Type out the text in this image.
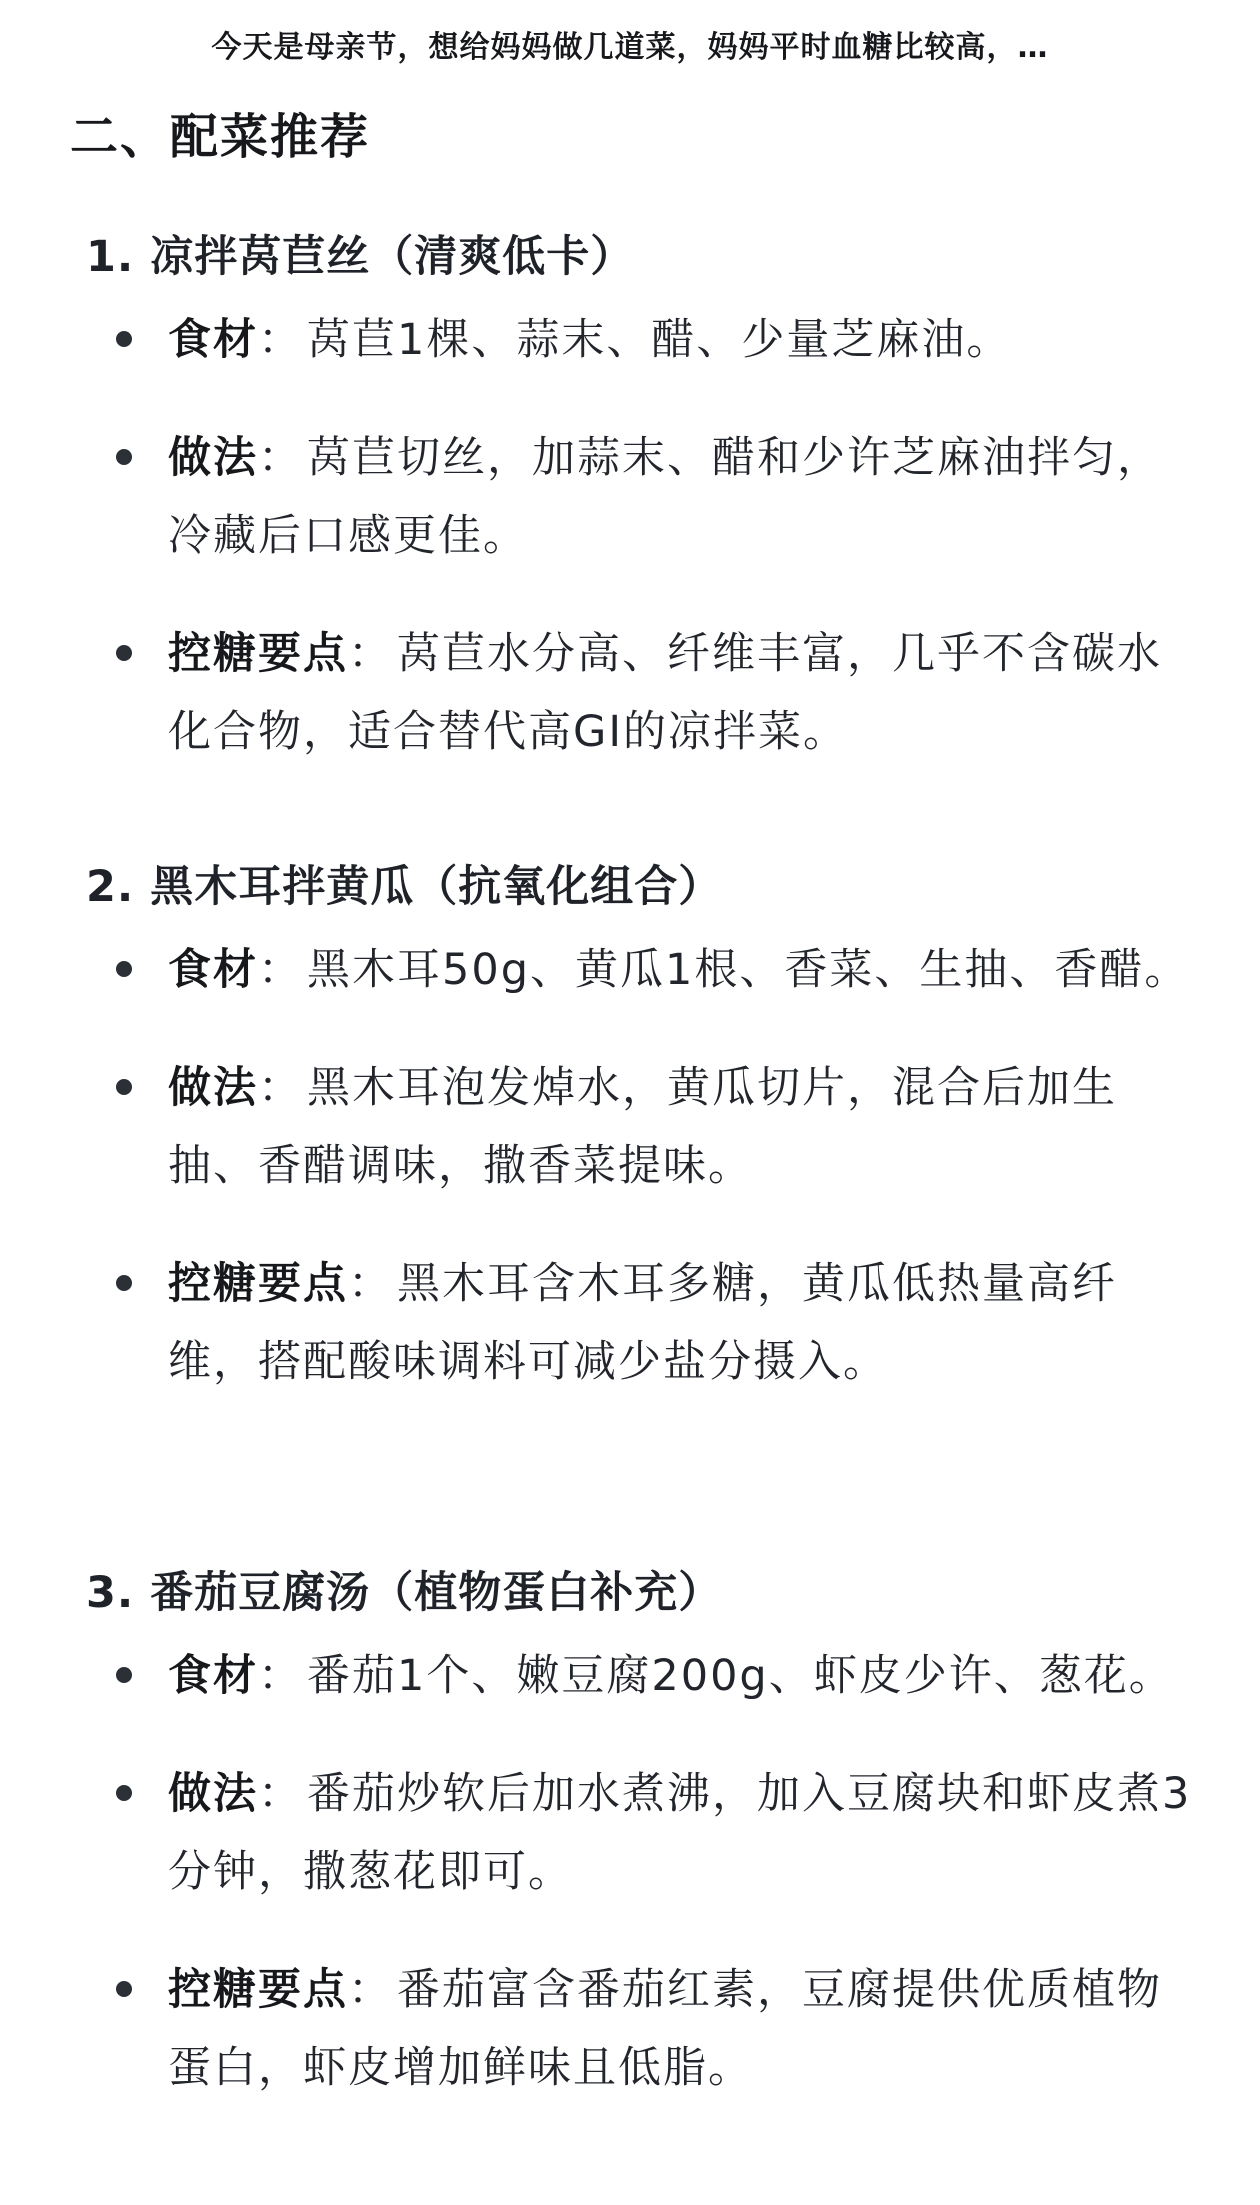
今天是母亲节，想给妈妈做几道菜，妈妈平时血糖比较高，…
二、配菜推荐
1. 凉拌莴苣丝（清爽低卡）
食材：莴苣1棵、蒜末、醋、少量芝麻油。
做法：莴苣切丝，加蒜末、醋和少许芝麻油拌匀，冷藏后口感更佳。
控糖要点：莴苣水分高、纤维丰富，几乎不含碳水化合物，适合替代高GI的凉拌菜。
2. 黑木耳拌黄瓜（抗氧化组合）
食材：黑木耳50g、黄瓜1根、香菜、生抽、香醋。
做法：黑木耳泡发焯水，黄瓜切片，混合后加生抽、香醋调味，撒香菜提味。
控糖要点：黑木耳含木耳多糖，黄瓜低热量高纤维，搭配酸味调料可减少盐分摄入。
3. 番茄豆腐汤（植物蛋白补充）
食材：番茄1个、嫩豆腐200g、虾皮少许、葱花。
做法：番茄炒软后加水煮沸，加入豆腐块和虾皮煮3分钟，撒葱花即可。
控糖要点：番茄富含番茄红素，豆腐提供优质植物蛋白，虾皮增加鲜味且低脂。
